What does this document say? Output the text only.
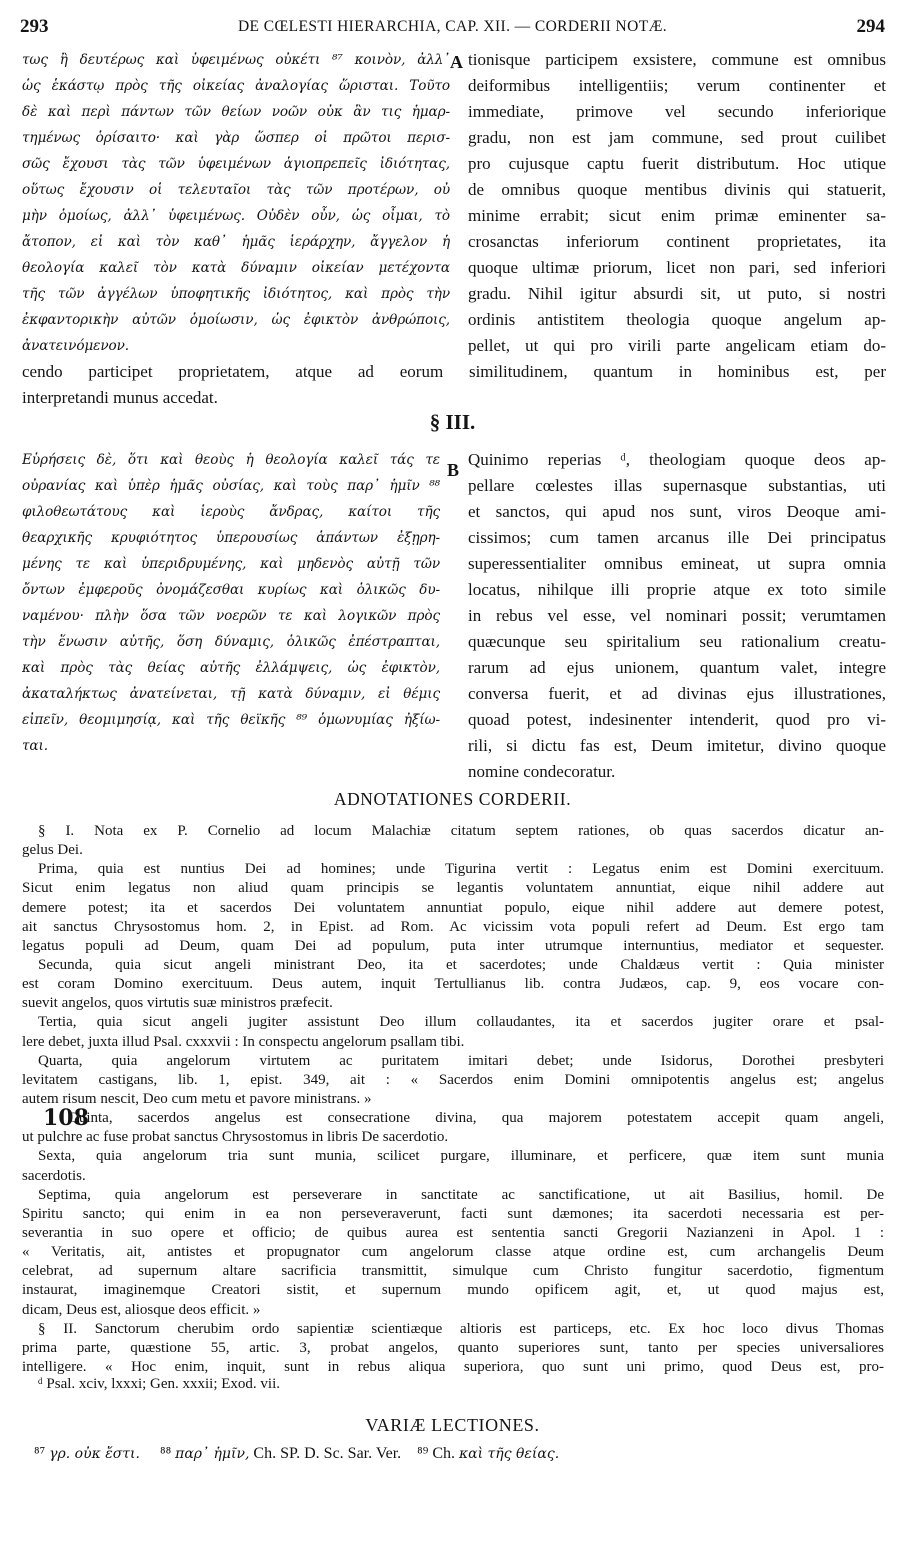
293	DE CŒLESTI HIERARCHIA, CAP. XII. — CORDERII NOTÆ.	294
τως ἢ δευτέρως καὶ ὑφειμένως οὐκέτι ⁸⁷ κοινὸν, ἀλλ᾽
ὡς ἑκάστῳ πρὸς τῆς οἰκείας ἀναλογίας ὥρισται. Τοῦτο
δὲ καὶ περὶ πάντων τῶν θείων νοῶν οὐκ ἂν τις ἡμαρ-
τημένως ὁρίσαιτο· καὶ γὰρ ὥσπερ οἱ πρῶτοι περισ-
σῶς ἔχουσι τὰς τῶν ὑφειμένων ἁγιοπρεπεῖς ἰδιότητας,
οὕτως ἔχουσιν οἱ τελευταῖοι τὰς τῶν προτέρων, οὐ
μὴν ὁμοίως, ἀλλ᾽ ὑφειμένως. Οὐδὲν οὖν, ὡς οἶμαι, τὸ
ἄτοπον, εἰ καὶ τὸν καθ᾽ ἡμᾶς ἱεράρχην, ἄγγελον ἡ
θεολογία καλεῖ τὸν κατὰ δύναμιν οἰκείαν μετέχοντα
τῆς τῶν ἀγγέλων ὑποφητικῆς ἰδιότητος, καὶ πρὸς τὴν
ἐκφαντορικὴν αὐτῶν ὁμοίωσιν, ὡς ἐφικτὸν ἀνθρώποις,
ἀνατεινόμενον.
A tionisque participem exsistere, commune est omnibus
deiformibus intelligentiis; verum continenter et
immediate, primove vel secundo inferiorique
gradu, non est jam commune, sed prout cuilibet
pro cujusque captu fuerit distributum. Hoc utique
de omnibus quoque mentibus divinis qui statuerit,
minime errabit; sicut enim primæ eminenter sa-
crosanctas inferiorum continent proprietates, ita
quoque ultimæ priorum, licet non pari, sed inferiori
gradu. Nihil igitur absurdi sit, ut puto, si nostri
ordinis antistitem theologia quoque angelum ap-
pellet, ut qui pro virili parte angelicam etiam do-
cendo participet proprietatem, atque ad eorum similitudinem, quantum in hominibus est, per
interpretandi munus accedat.
§ III.
Εὑρήσεις δὲ, ὅτι καὶ θεοὺς ἡ θεολογία καλεῖ τάς τε
οὐρανίας καὶ ὑπὲρ ἡμᾶς οὐσίας, καὶ τοὺς παρ᾽ ἡμῖν ⁸⁸
φιλοθεωτάτους καὶ ἱεροὺς ἄνδρας, καίτοι τῆς
θεαρχικῆς κρυφιότητος ὑπερουσίως ἁπάντων ἐξῃρη-
μένης τε καὶ ὑπεριδρυμένης, καὶ μηδενὸς αὐτῇ τῶν
ὄντων ἐμφεροῦς ὀνομάζεσθαι κυρίως καὶ ὁλικῶς δυ-
ναμένου· πλὴν ὅσα τῶν νοερῶν τε καὶ λογικῶν πρὸς
τὴν ἕνωσιν αὐτῆς, ὅση δύναμις, ὁλικῶς ἐπέστραπται,
καὶ πρὸς τὰς θείας αὐτῆς ἐλλάμψεις, ὡς ἐφικτὸν,
ἀκαταλήκτως ἀνατείνεται, τῇ κατὰ δύναμιν, εἰ θέμις
εἰπεῖν, θεομιμησίᾳ, καὶ τῆς θεϊκῆς ⁸⁹ ὁμωνυμίας ἠξίω-
ται.
B
Quinimo reperias ᵈ, theologiam quoque deos ap-
pellare cœlestes illas supernasque substantias, uti
et sanctos, qui apud nos sunt, viros Deoque ami-
cissimos; cum tamen arcanus ille Dei principatus
superessentialiter omnibus emineat, ut supra omnia
locatus, nihilque illi proprie atque ex toto simile
in rebus vel esse, vel nominari possit; verumtamen
quæcunque seu spiritalium seu rationalium creatu-
rarum ad ejus unionem, quantum valet, integre
conversa fuerit, et ad divinas ejus illustrationes,
quoad potest, indesinenter intenderit, quod pro vi-
rili, si dictu fas est, Deum imitetur, divino quoque
nomine condecoratur.
ADNOTATIONES CORDERII.
108
§ I. Nota ex P. Cornelio ad locum Malachiæ citatum septem rationes, ob quas sacerdos dicatur an-
gelus Dei.
Prima, quia est nuntius Dei ad homines; unde Tigurina vertit : Legatus enim est Domini exercituum.
Sicut enim legatus non aliud quam principis se legantis voluntatem annuntiat, eique nihil addere aut
demere potest; ita et sacerdos Dei voluntatem annuntiat populo, eique nihil addere aut demere potest,
ait sanctus Chrysostomus hom. 2, in Epist. ad Rom. Ac vicissim vota populi refert ad Deum. Est ergo tam
legatus populi ad Deum, quam Dei ad populum, puta inter utrumque internuntius, mediator et sequester.
Secunda, quia sicut angeli ministrant Deo, ita et sacerdotes; unde Chaldæus vertit : Quia minister
est coram Domino exercituum. Deus autem, inquit Tertullianus lib. contra Judæos, cap. 9, eos vocare con-
suevit angelos, quos virtutis suæ ministros præfecit.
Tertia, quia sicut angeli jugiter assistunt Deo illum collaudantes, ita et sacerdos jugiter orare et psal-
lere debet, juxta illud Psal. cxxxvii : In conspectu angelorum psallam tibi.
Quarta, quia angelorum virtutem ac puritatem imitari debet; unde Isidorus, Dorothei presbyteri
levitatem castigans, lib. 1, epist. 349, ait : « Sacerdos enim Domini omnipotentis angelus est; angelus
autem risum nescit, Deo cum metu et pavore ministrans. »
Quinta, sacerdos angelus est consecratione divina, qua majorem potestatem accepit quam angeli,
ut pulchre ac fuse probat sanctus Chrysostomus in libris De sacerdotio.
Sexta, quia angelorum tria sunt munia, scilicet purgare, illuminare, et perficere, quæ item sunt munia
sacerdotis.
Septima, quia angelorum est perseverare in sanctitate ac sanctificatione, ut ait Basilius, homil. De
Spiritu sancto; qui enim in ea non perseveraverunt, facti sunt dæmones; ita sacerdoti necessaria est per-
severantia in suo opere et officio; de quibus aurea est sententia sancti Gregorii Nazianzeni in Apol. 1 :
« Veritatis, ait, antistes et propugnator cum angelorum classe atque ordine est, cum archangelis Deum
celebrat, ad supernum altare sacrificia transmittit, simulque cum Christo fungitur sacerdotio, figmentum
instaurat, imaginemque Creatori sistit, et supernum mundo opificem agit, et, ut quod majus est,
dicam, Deus est, aliosque deos efficit. »
§ II. Sanctorum cherubim ordo sapientiæ scientiæque altioris est particeps, etc. Ex hoc loco divus Thomas
prima parte, quæstione 55, artic. 3, probat angelos, quanto superiores sunt, tanto per species universaliores
intelligere. « Hoc enim, inquit, sunt in rebus aliqua superiora, quo sunt uni primo, quod Deus est, pro-
ᵈ Psal. xciv, lxxxi; Gen. xxxii; Exod. vii.
VARIÆ LECTIONES.
⁸⁷ γρ. οὐκ ἔστι. ⁸⁸ παρ᾽ ἡμῖν, Ch. SP. D. Sc. Sar. Ver. ⁸⁹ Ch. καὶ τῆς θείας.
